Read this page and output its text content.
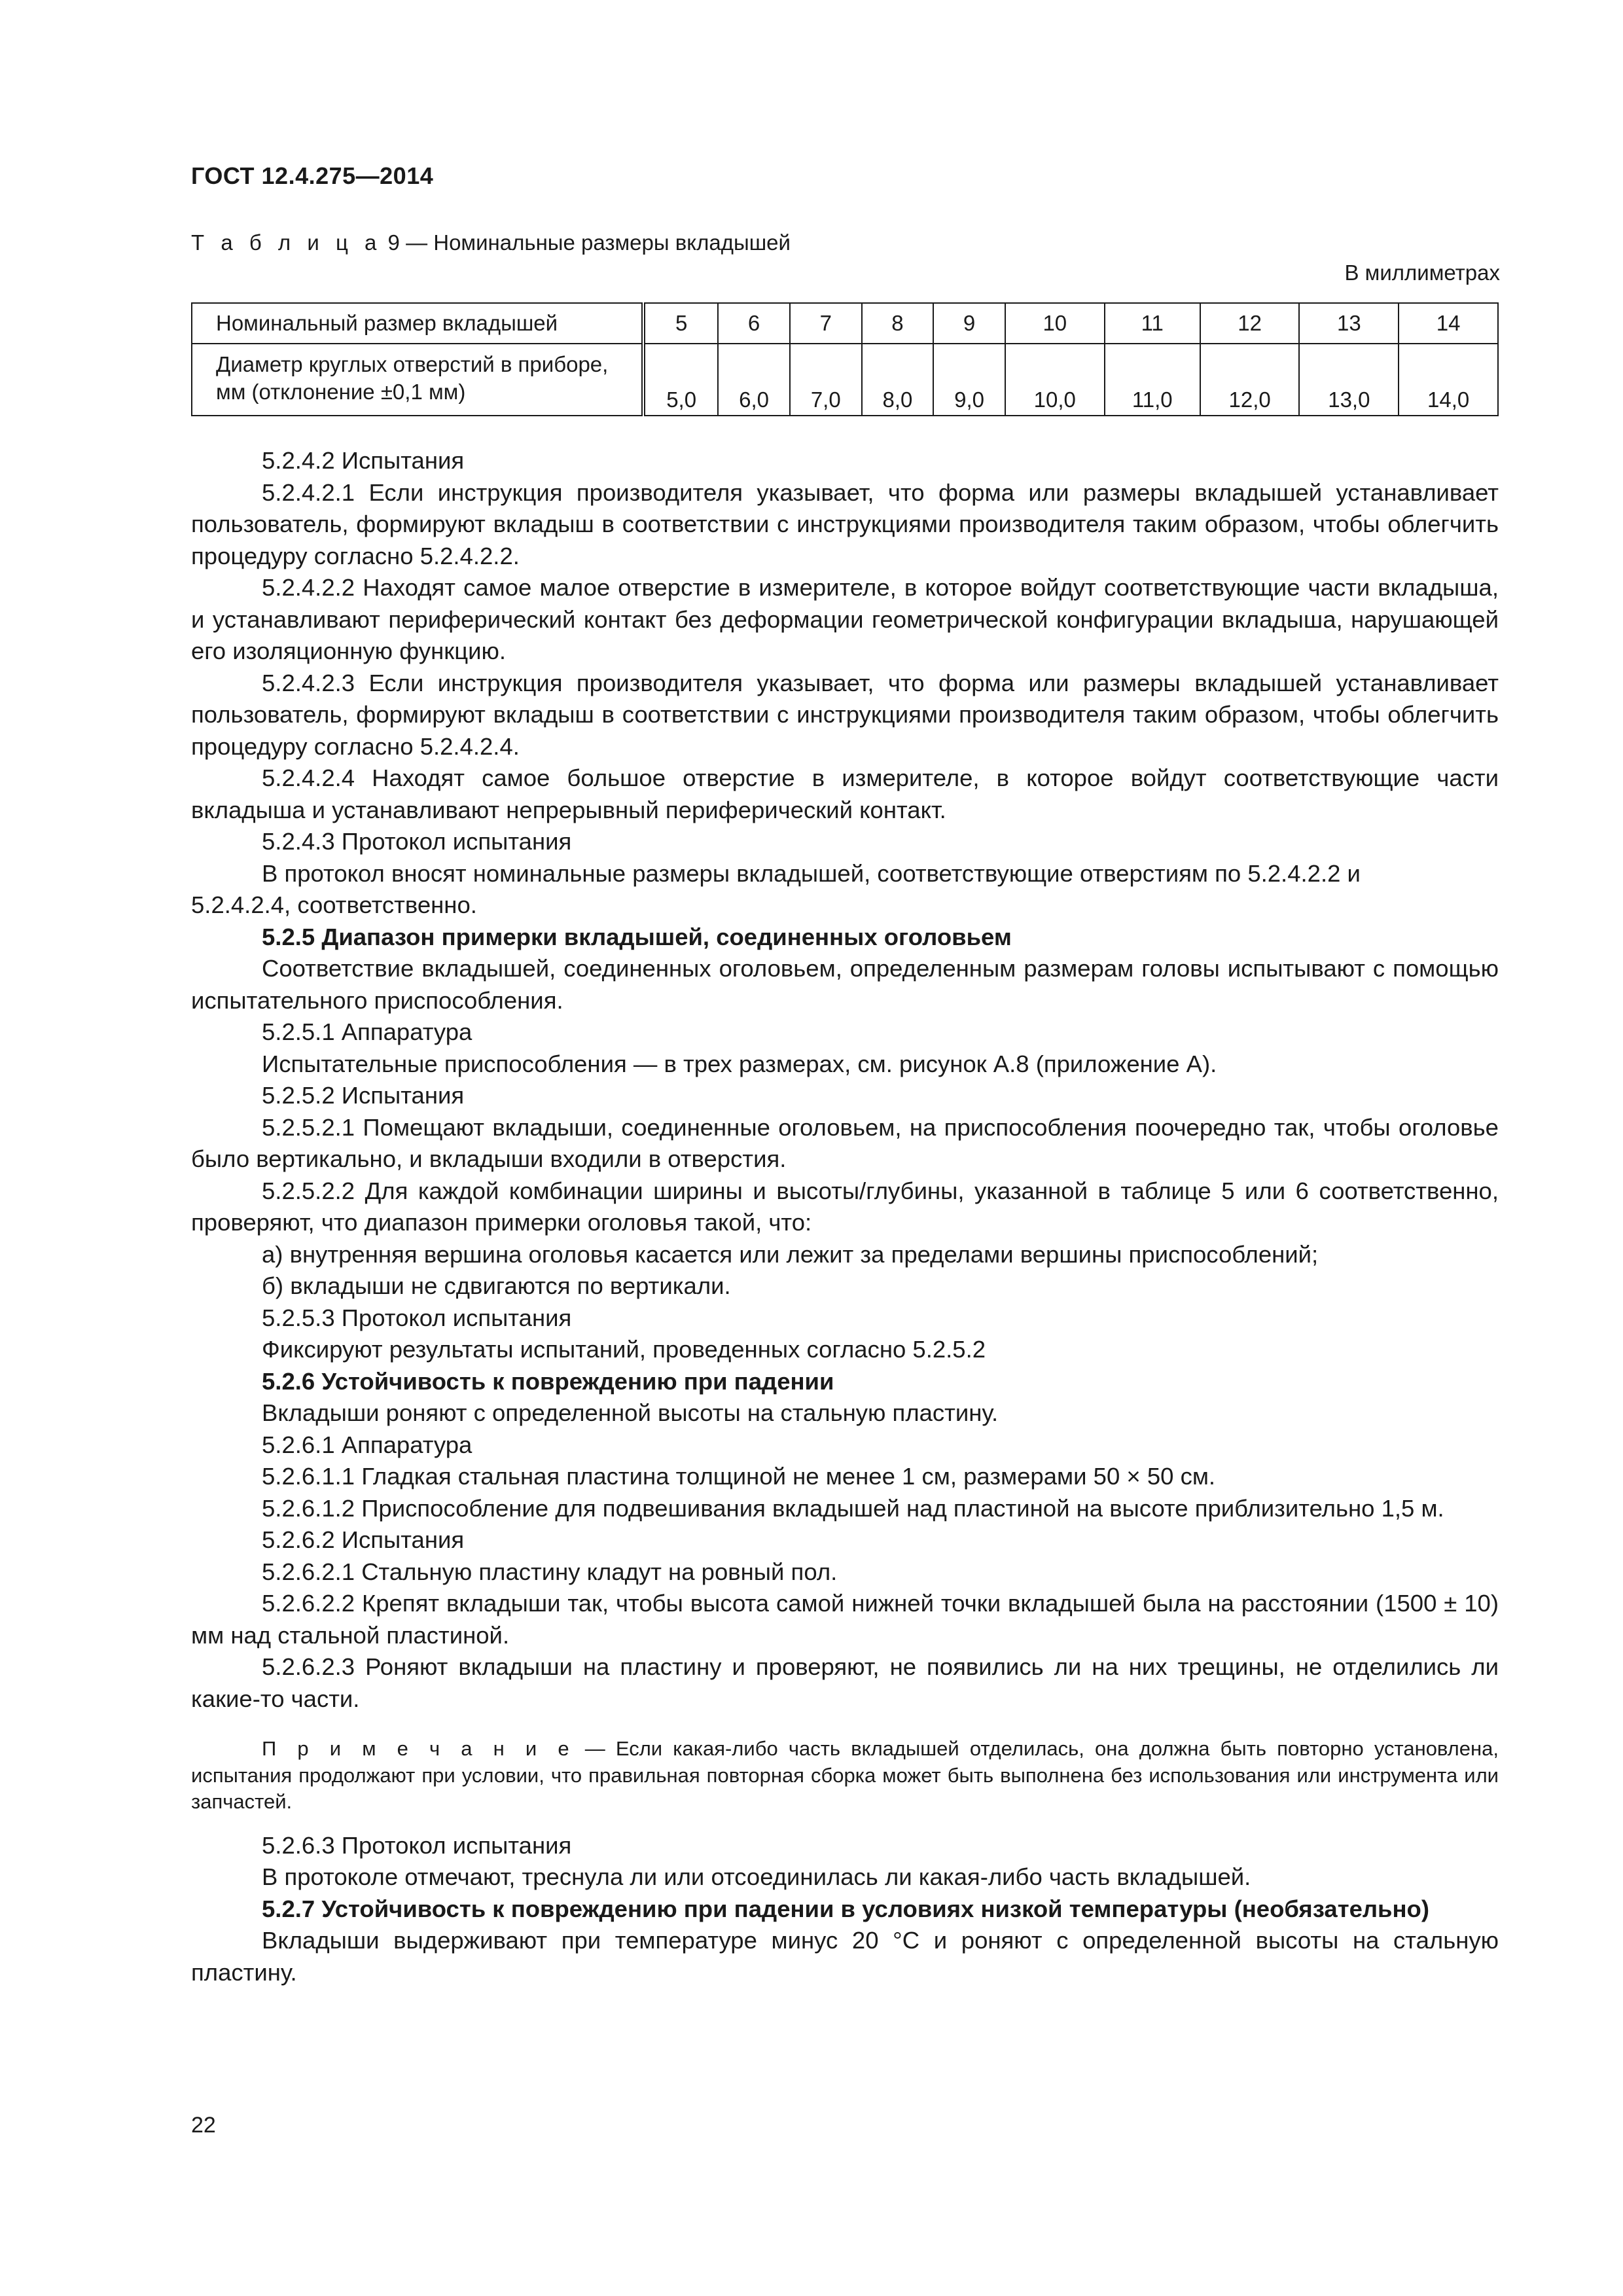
ГОСТ 12.4.275—2014
Т а б л и ц а 9 — Номинальные размеры вкладышей
В миллиметрах
Номинальный размер вкладышей	5	6	7	8	9	10	11	12	13	14
Диаметр круглых отверстий в приборе,
мм (отклонение ±0,1 мм)	5,0	6,0	7,0	8,0	9,0	10,0	11,0	12,0	13,0	14,0

5.2.4.2 Испытания

5.2.4.2.1 Если инструкция производителя указывает, что форма или размеры вкладышей устанавливает пользователь, формируют вкладыш в соответствии с инструкциями производителя таким образом, чтобы облегчить процедуру согласно 5.2.4.2.2.

5.2.4.2.2 Находят самое малое отверстие в измерителе, в которое войдут соответствующие части вкладыша, и устанавливают периферический контакт без деформации геометрической конфигурации вкладыша, нарушающей его изоляционную функцию.

5.2.4.2.3 Если инструкция производителя указывает, что форма или размеры вкладышей устанавливает пользователь, формируют вкладыш в соответствии с инструкциями производителя таким образом, чтобы облегчить процедуру согласно 5.2.4.2.4.

5.2.4.2.4 Находят самое большое отверстие в измерителе, в которое войдут соответствующие части вкладыша и устанавливают непрерывный периферический контакт.

5.2.4.3 Протокол испытания

В протокол вносят номинальные размеры вкладышей, соответствующие отверстиям по 5.2.4.2.2 и

5.2.4.2.4, соответственно.

5.2.5 Диапазон примерки вкладышей, соединенных оголовьем

Соответствие вкладышей, соединенных оголовьем, определенным размерам головы испытывают с помощью испытательного приспособления.

5.2.5.1 Аппаратура

Испытательные приспособления — в трех размерах, см. рисунок А.8 (приложение А).

5.2.5.2 Испытания

5.2.5.2.1 Помещают вкладыши, соединенные оголовьем, на приспособления поочередно так, чтобы оголовье было вертикально, и вкладыши входили в отверстия.

5.2.5.2.2 Для каждой комбинации ширины и высоты/глубины, указанной в таблице 5 или 6 соответственно, проверяют, что диапазон примерки оголовья такой, что:

а) внутренняя вершина оголовья касается или лежит за пределами вершины приспособлений;

б) вкладыши не сдвигаются по вертикали.

5.2.5.3 Протокол испытания

Фиксируют результаты испытаний, проведенных согласно 5.2.5.2

5.2.6 Устойчивость к повреждению при падении

Вкладыши роняют с определенной высоты на стальную пластину.

5.2.6.1 Аппаратура

5.2.6.1.1 Гладкая стальная пластина толщиной не менее 1 см, размерами 50 × 50 см.

5.2.6.1.2 Приспособление для подвешивания вкладышей над пластиной на высоте приблизительно 1,5 м.

5.2.6.2 Испытания

5.2.6.2.1 Стальную пластину кладут на ровный пол.

5.2.6.2.2 Крепят вкладыши так, чтобы высота самой нижней точки вкладышей была на расстоянии (1500 ± 10) мм над стальной пластиной.

5.2.6.2.3 Роняют вкладыши на пластину и проверяют, не появились ли на них трещины, не отделились ли какие-то части.

П р и м е ч а н и е — Если какая-либо часть вкладышей отделилась, она должна быть повторно установлена, испытания продолжают при условии, что правильная повторная сборка может быть выполнена без использования или инструмента или запчастей.

5.2.6.3 Протокол испытания

В протоколе отмечают, треснула ли или отсоединилась ли какая-либо часть вкладышей.

5.2.7 Устойчивость к повреждению при падении в условиях низкой температуры (необязательно)

Вкладыши выдерживают при температуре минус 20 °С и роняют с определенной высоты на стальную пластину.

22
